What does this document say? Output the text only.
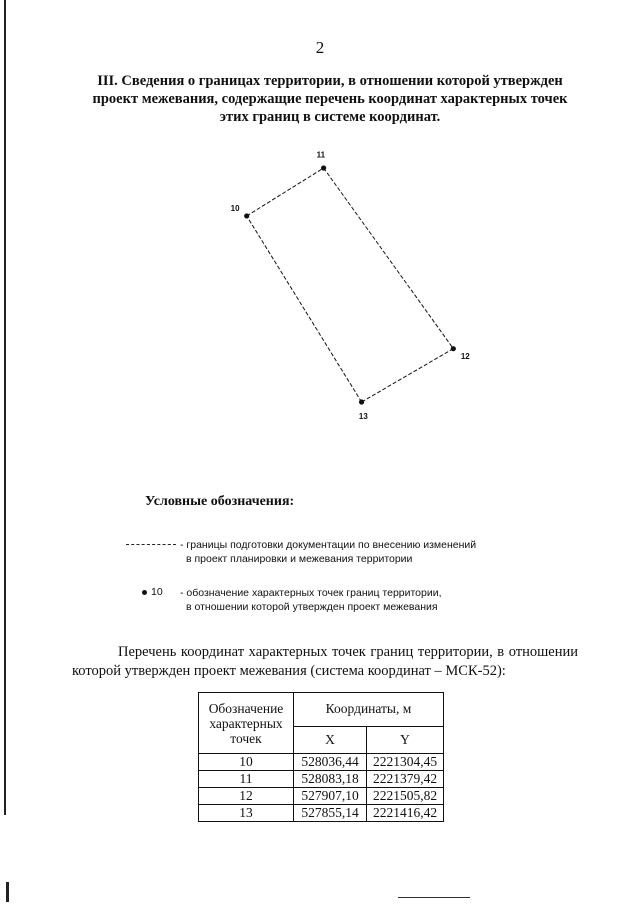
2
III. Сведения о границах территории, в отношении которой утвержден
проект межевания, содержащие перечень координат характерных точек
этих границ в системе координат.
10
11
12
13
Условные обозначения:
- границы подготовки документации по внесению изменений
в проект планировки и межевания территории
10	- обозначение характерных точек границ территории,
в отношении которой утвержден проект межевания
Перечень координат характерных точек границ территории, в отношении
которой утвержден проект межевания (система координат – МСК-52):
Обозначение характерных точек	Координаты, м	
	X	Y
10	528036,44	2221304,45
11	528083,18	2221379,42
12	527907,10	2221505,82
13	527855,14	2221416,42
